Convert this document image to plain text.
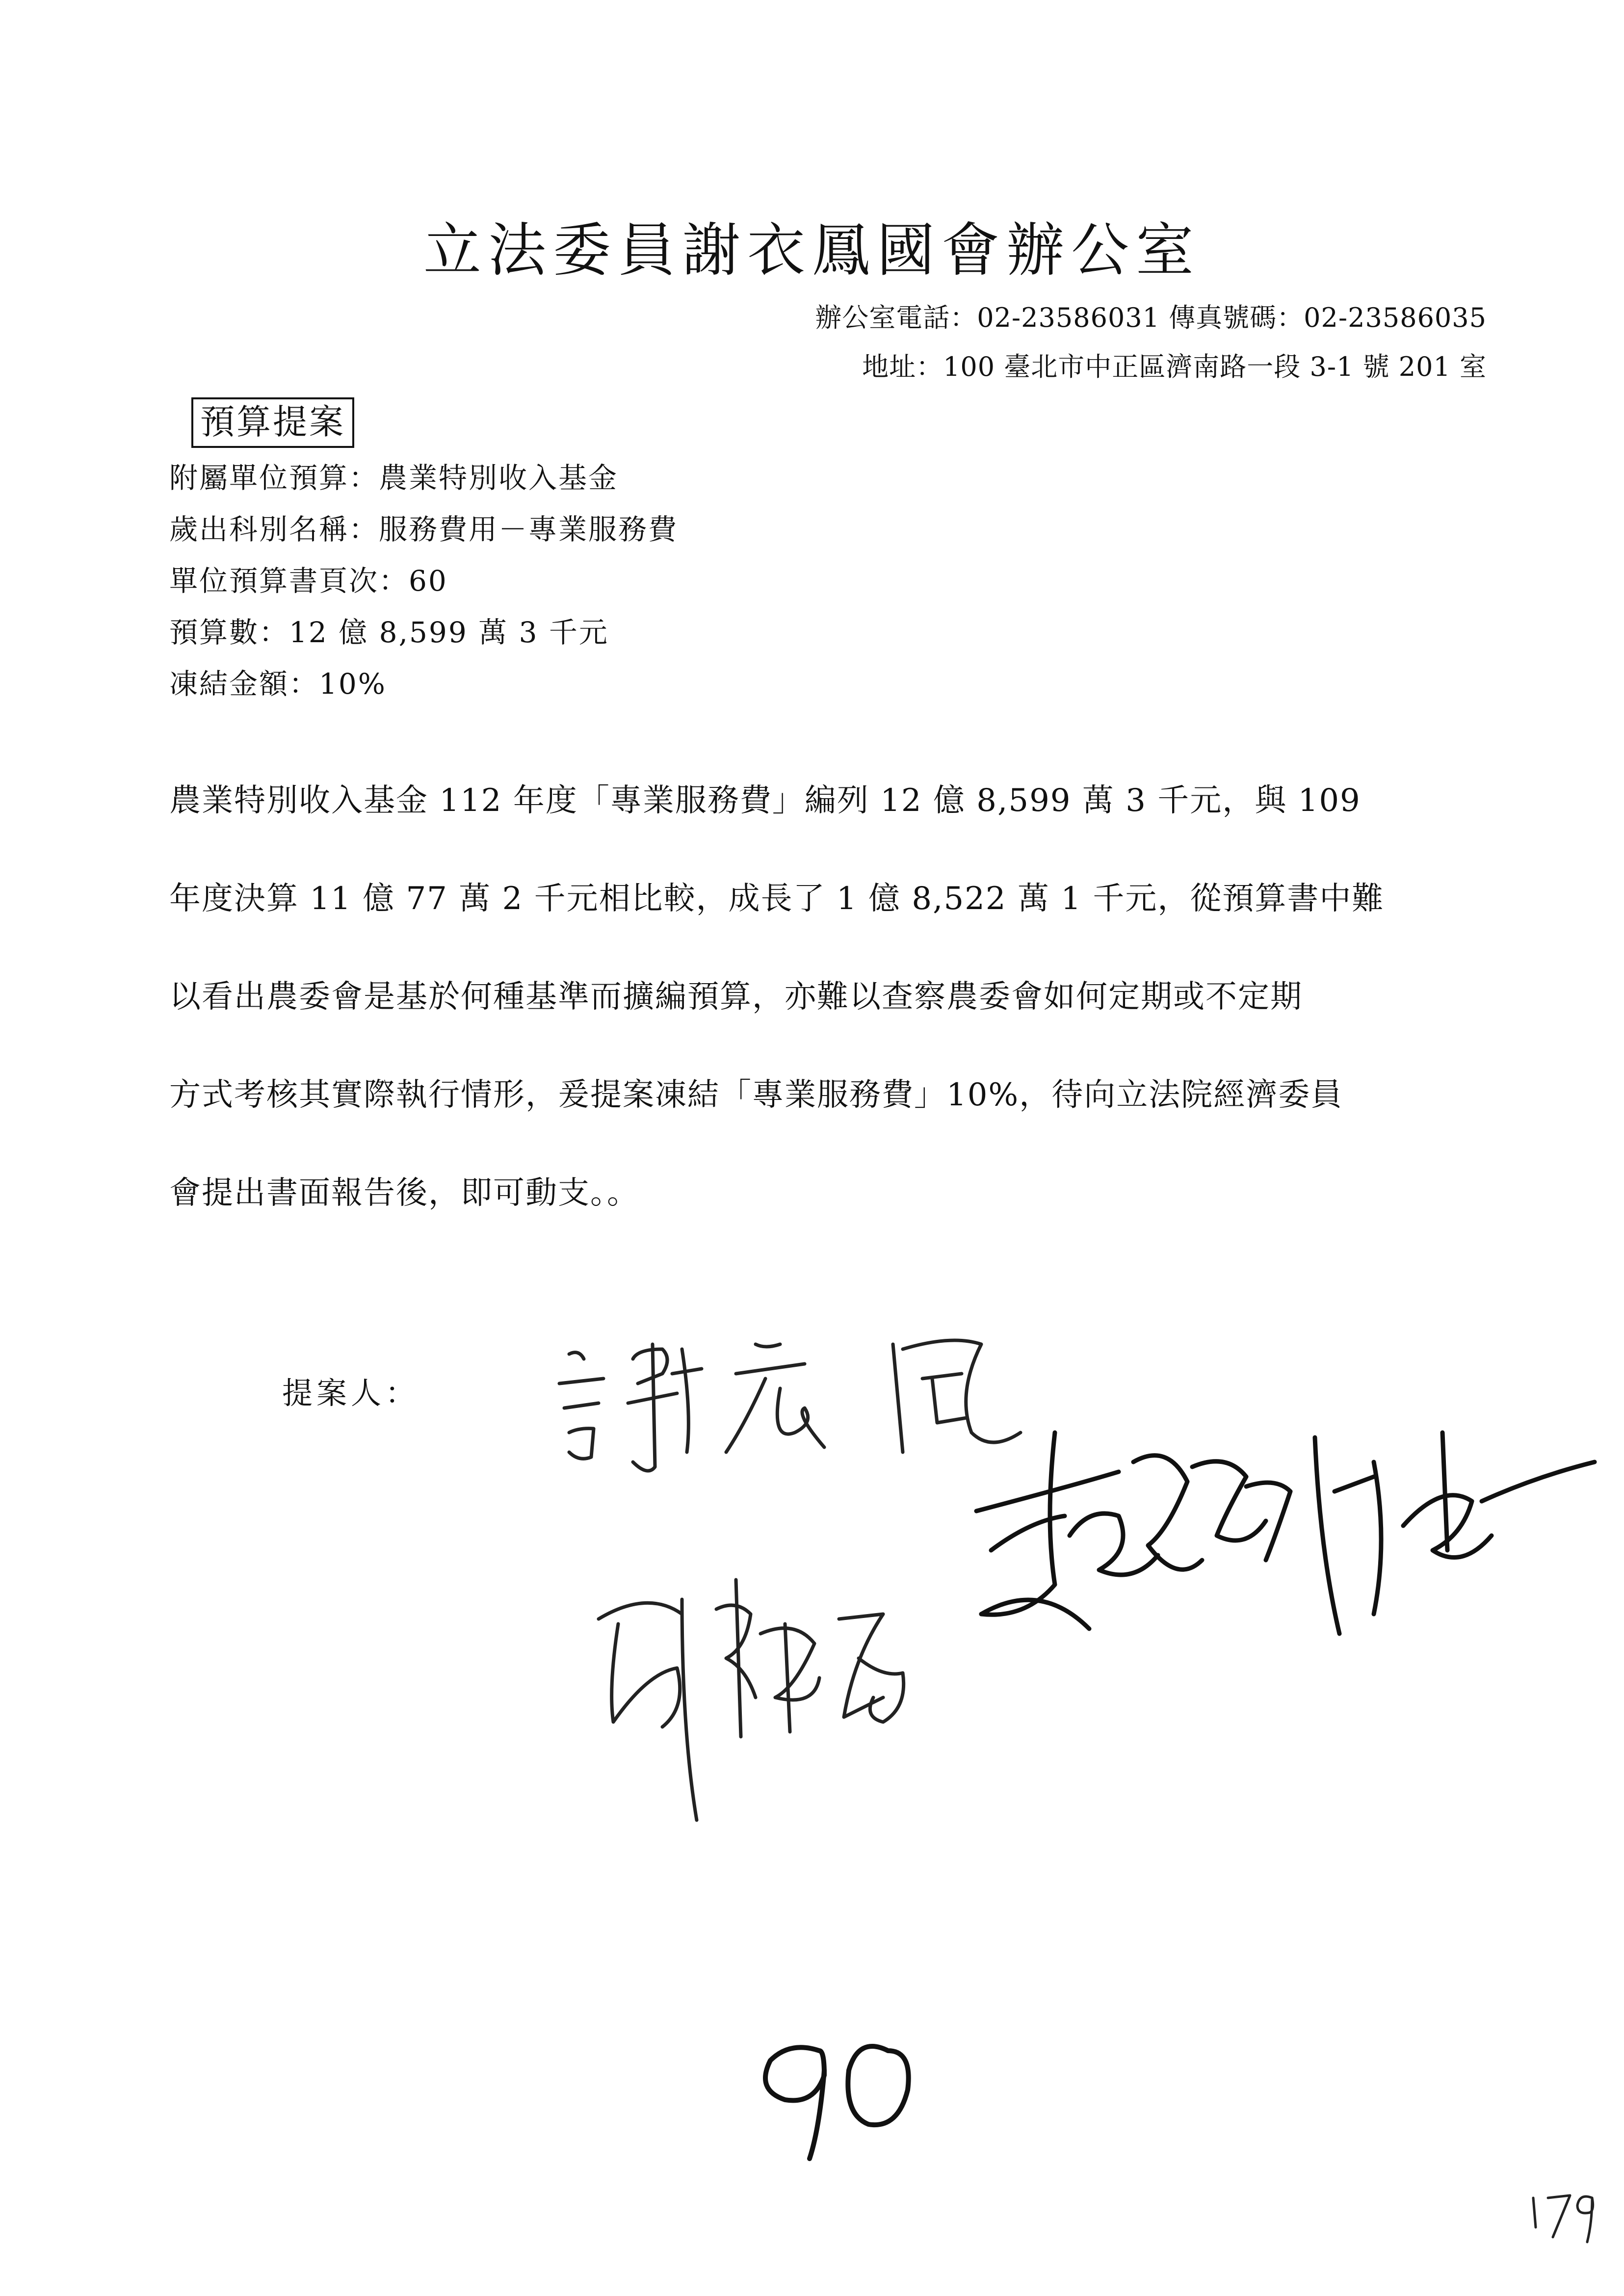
立法委員謝衣鳳國會辦公室
辦公室電話：02-23586031 傳真號碼：02-23586035
地址：100 臺北市中正區濟南路一段 3-1 號 201 室
預算提案
附屬單位預算：農業特別收入基金
歲出科別名稱：服務費用－專業服務費
單位預算書頁次：60
預算數：12 億 8,599 萬 3 千元
凍結金額：10%
農業特別收入基金 112 年度「專業服務費」編列 12 億 8,599 萬 3 千元，與 109
年度決算 11 億 77 萬 2 千元相比較，成長了 1 億 8,522 萬 1 千元，從預算書中難
以看出農委會是基於何種基準而擴編預算，亦難以查察農委會如何定期或不定期
方式考核其實際執行情形，爰提案凍結「專業服務費」10%，待向立法院經濟委員
會提出書面報告後，即可動支。。
提案人：
